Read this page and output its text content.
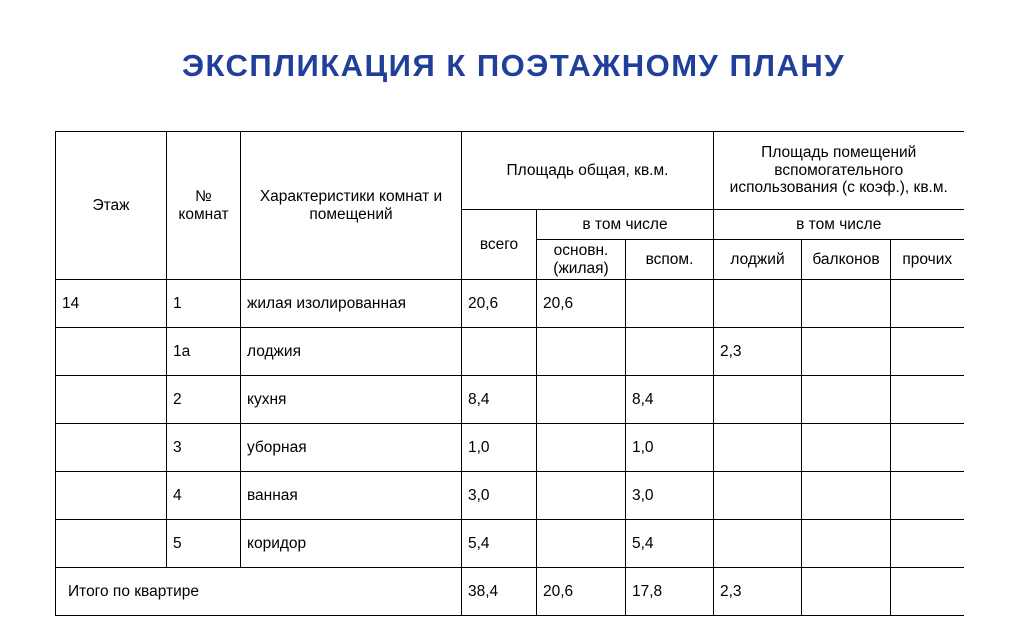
ЭКСПЛИКАЦИЯ К ПОЭТАЖНОМУ ПЛАНУ
Этаж	№ комнат	Характеристики комнат и помещений	Площадь общая, кв.м.			Площадь помещений вспомогательного использования (с коэф.), кв.м.		
			всего	в том числе		в том числе		
				основн. (жилая)	вспом.	лоджий	балконов	прочих
14	1	жилая изолированная	20,6	20,6				
	1а	лоджия				2,3		
	2	кухня	8,4		8,4			
	3	уборная	1,0		1,0			
	4	ванная	3,0		3,0			
	5	коридор	5,4		5,4			
Итого по квартире			38,4	20,6	17,8	2,3		
